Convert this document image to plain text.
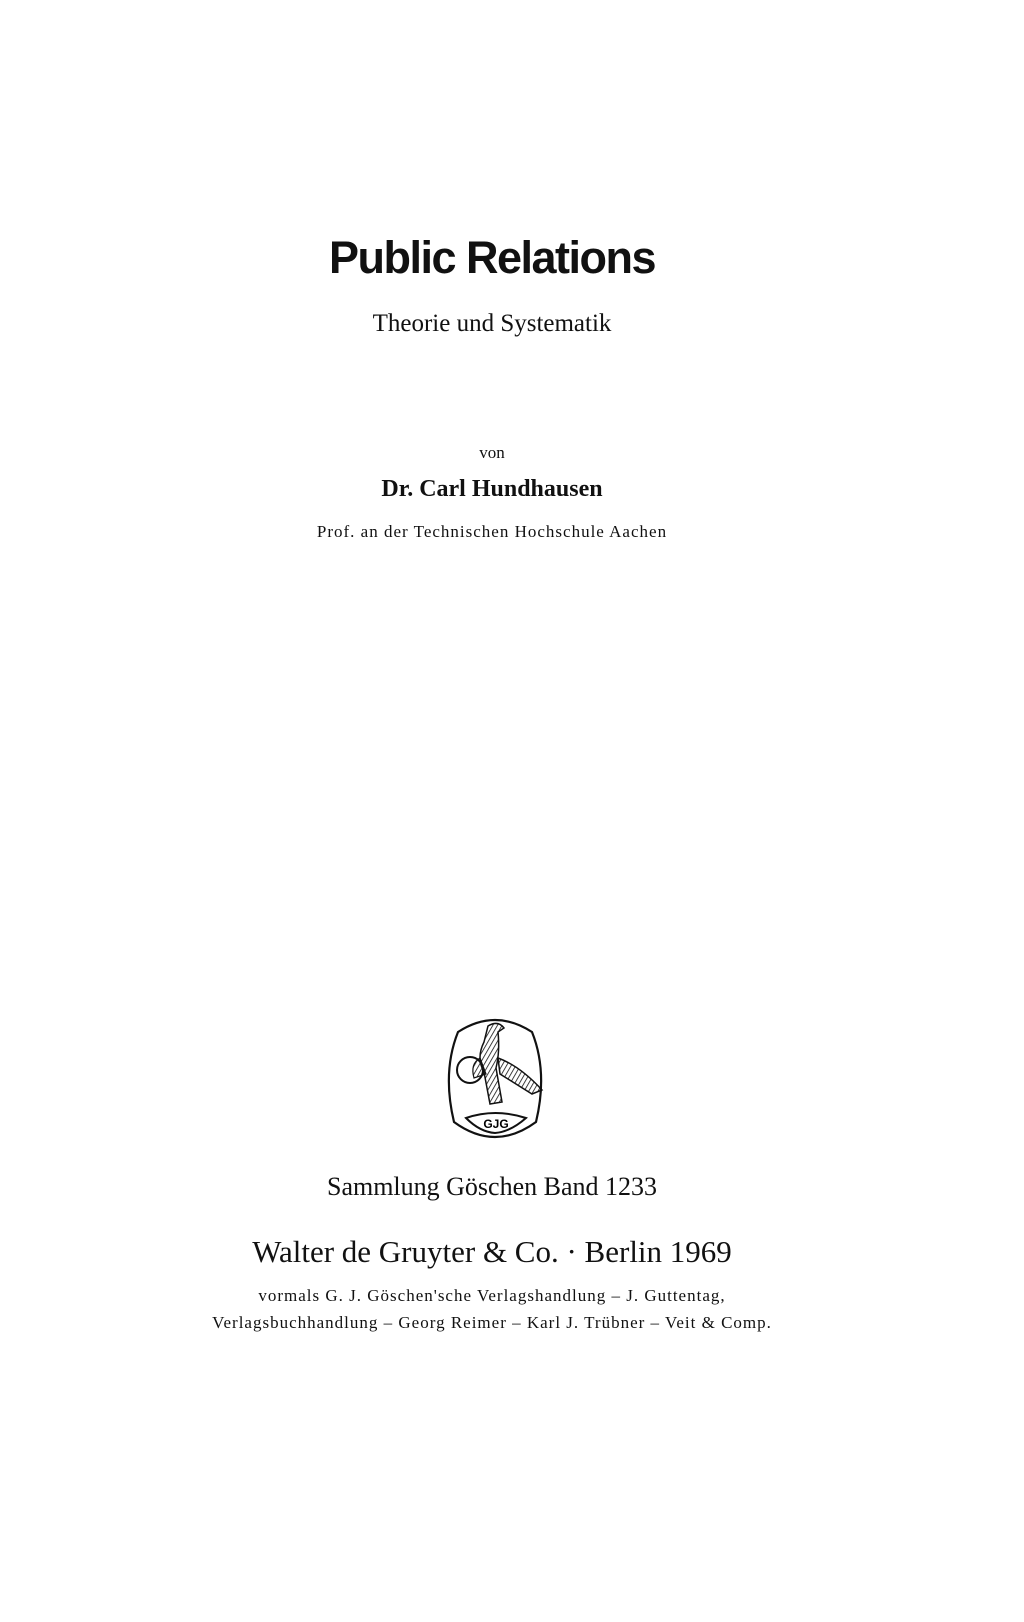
Public Relations
Theorie und Systematik
von
Dr. Carl Hundhausen
Prof. an der Technischen Hochschule Aachen
GJG
Sammlung Göschen Band 1233
Walter de Gruyter & Co. · Berlin 1969
vormals G. J. Göschen'sche Verlagshandlung – J. Guttentag,
Verlagsbuchhandlung – Georg Reimer – Karl J. Trübner – Veit & Comp.
